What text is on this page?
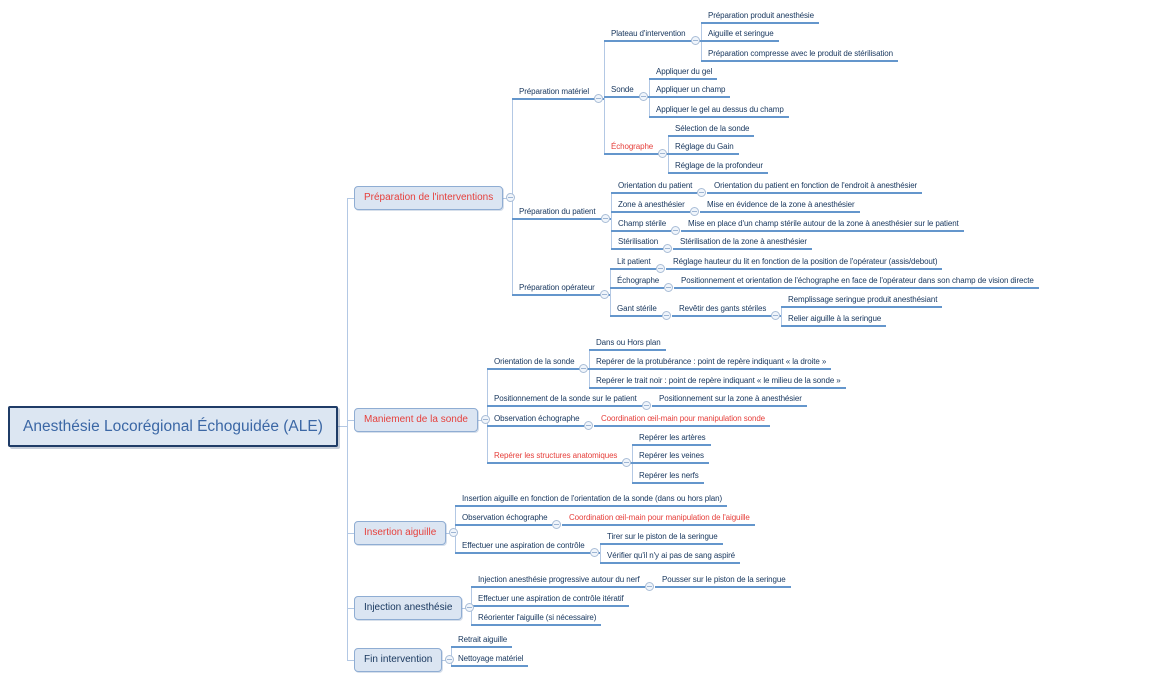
Anesthésie Locorégional Échoguidée (ALE)
Préparation de l'interventions
Préparation matériel
Plateau d'intervention
Préparation produit anesthésie
Aiguille et seringue
Préparation compresse avec le produit de stérilisation
Sonde
Appliquer du gel
Appliquer un champ
Appliquer le gel au dessus du champ
Échographe
Sélection de la sonde
Réglage du Gain
Réglage de la profondeur
Préparation du patient
Orientation du patient	Orientation du patient en fonction de l'endroit à anesthésier
Zone à anesthésier	Mise en évidence de la zone à anesthésier
Champ stérile	Mise en place d'un champ stérile autour de la zone à anesthésier sur le patient
Stérilisation	Stérilisation de la zone à anesthésier
Préparation opérateur
Lit patient	Réglage hauteur du lit en fonction de la position de l'opérateur (assis/debout)
Échographe	Positionnement et orientation de l'échographe en face de l'opérateur dans son champ de vision directe
Gant stérile	Revêtir des gants stériles
Remplissage seringue produit anesthésiant
Relier aiguille à la seringue
Maniement de la sonde
Orientation de la sonde
Dans ou Hors plan
Repérer de la protubérance : point de repère indiquant « la droite »
Repérer le trait noir : point de repère indiquant « le milieu de la sonde »
Positionnement de la sonde sur le patient	Positionnement sur la zone à anesthésier
Observation échographe	Coordination œil-main pour manipulation sonde
Repérer les structures anatomiques
Repérer les artères
Repérer les veines
Repérer les nerfs
Insertion aiguille
Insertion aiguille en fonction de l'orientation de la sonde (dans ou hors plan)
Observation échographe	Coordination œil-main pour manipulation de l'aiguille
Effectuer une aspiration de contrôle
Tirer sur le piston de la seringue
Vérifier qu'il n'y ai pas de sang aspiré
Injection anesthésie
Injection anesthésie progressive autour du nerf	Pousser sur le piston de la seringue
Effectuer une aspiration de contrôle itératif
Réorienter l'aiguille (si nécessaire)
Fin intervention
Retrait aiguille
Nettoyage matériel
